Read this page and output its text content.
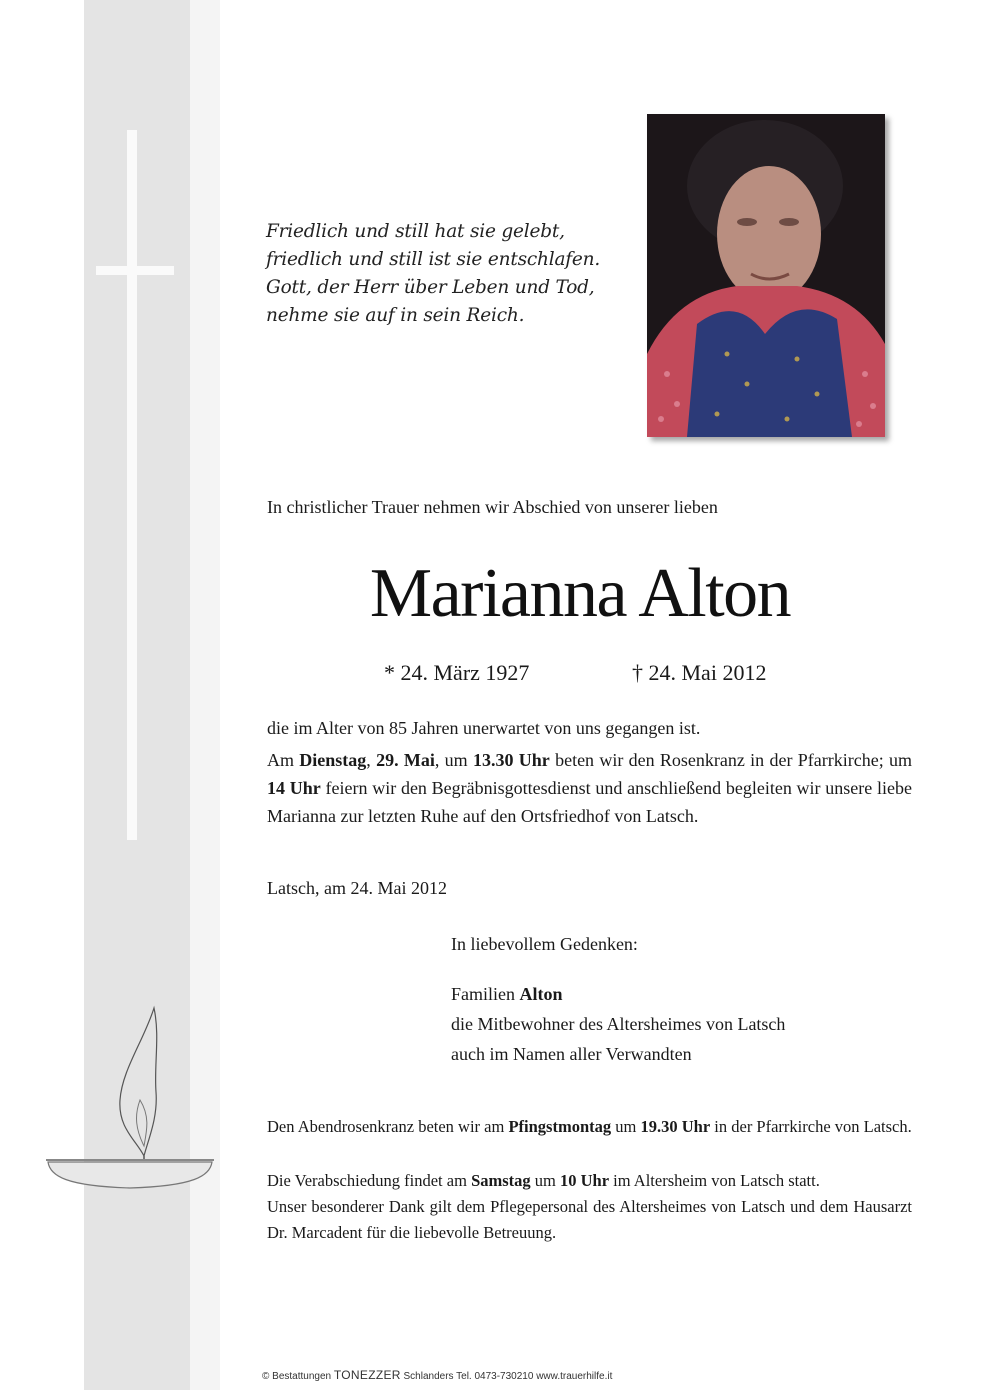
Friedlich und still hat sie gelebt,
friedlich und still ist sie entschlafen.
Gott, der Herr über Leben und Tod,
nehme sie auf in sein Reich.
In christlicher Trauer nehmen wir Abschied von unserer lieben
Marianna Alton
* 24. März 1927	† 24. Mai 2012
die im Alter von 85 Jahren unerwartet von uns gegangen ist.
Am Dienstag, 29. Mai, um 13.30 Uhr beten wir den Rosenkranz in der Pfarrkirche; um 14 Uhr feiern wir den Begräbnisgottesdienst und anschließend begleiten wir unsere liebe Marianna zur letzten Ruhe auf den Ortsfriedhof von Latsch.
Latsch, am 24. Mai 2012
In liebevollem Gedenken:
Familien Alton
die Mitbewohner des Altersheimes von Latsch
auch im Namen aller Verwandten
Den Abendrosenkranz beten wir am Pfingstmontag um 19.30 Uhr in der Pfarrkirche von Latsch.
Die Verabschiedung findet am Samstag um 10 Uhr im Altersheim von Latsch statt.
Unser besonderer Dank gilt dem Pflegepersonal des Altersheimes von Latsch und dem Hausarzt Dr. Marcadent für die liebevolle Betreuung.
© Bestattungen TONEZZER Schlanders Tel. 0473-730210 www.trauerhilfe.it
